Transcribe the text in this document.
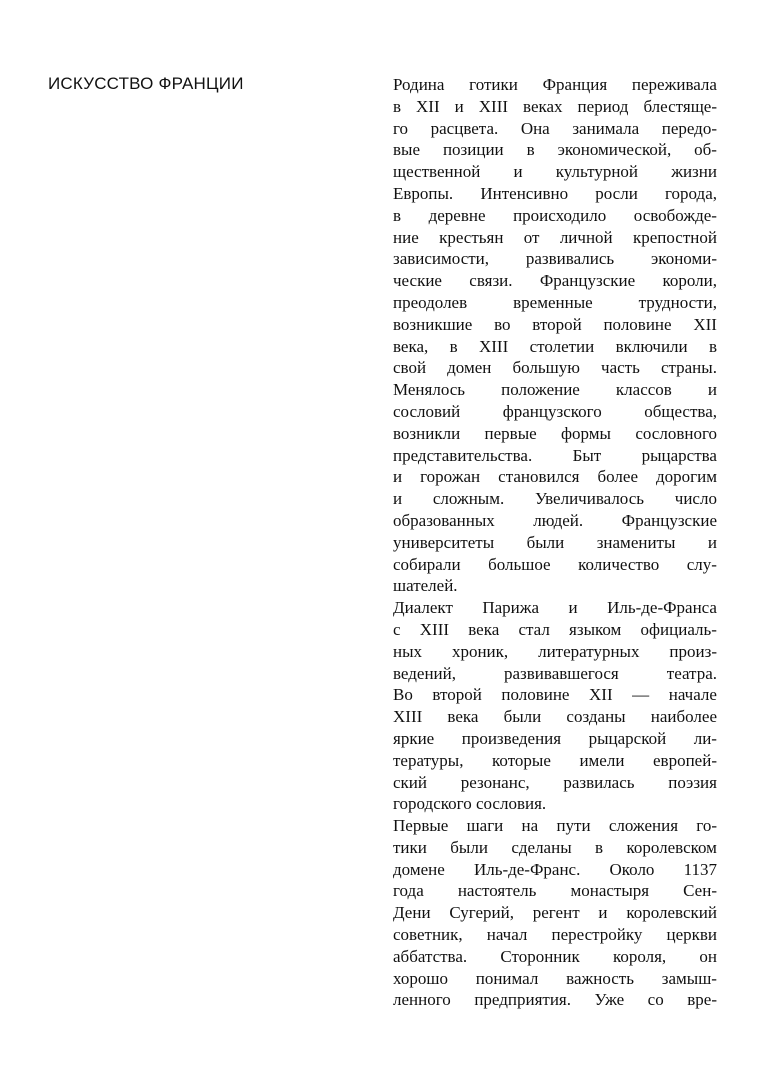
ИСКУССТВО ФРАНЦИИ	Родина готики Франция переживала
в XII и XIII веках период блестяще-
го расцвета. Она занимала передо-
вые позиции в экономической, об-
щественной и культурной жизни
Европы. Интенсивно росли города,
в деревне происходило освобожде-
ние крестьян от личной крепостной
зависимости, развивались экономи-
ческие связи. Французские короли,
преодолев	временные	трудности,
возникшие во второй половине XII
века, в XIII столетии включили в
свой домен большую часть страны.
Менялось положение классов и
сословий	французского	общества,
возникли первые формы сословного
представительства. Быт рыцарства
и горожан становился более дорогим
и сложным. Увеличивалось число
образованных людей. Французские
университеты были знамениты и
собирали большое количество слу-
шателей.
Диалект Парижа и Иль-де-Франса
с XIII века стал языком официаль-
ных хроник, литературных произ-
ведений,	развивавшегося	театра.
Во второй половине XII — начале
XIII века были созданы наиболее
яркие произведения рыцарской ли-
тературы, которые имели европей-
ский резонанс, развилась поэзия
городского сословия.
Первые шаги на пути сложения го-
тики были сделаны в королевском
домене Иль-де-Франс. Около 1137
года настоятель монастыря Сен-
Дени Сугерий, регент и королевский
советник, начал перестройку церкви
аббатства. Сторонник короля, он
хорошо понимал важность замыш-
ленного предприятия. Уже со вре-
